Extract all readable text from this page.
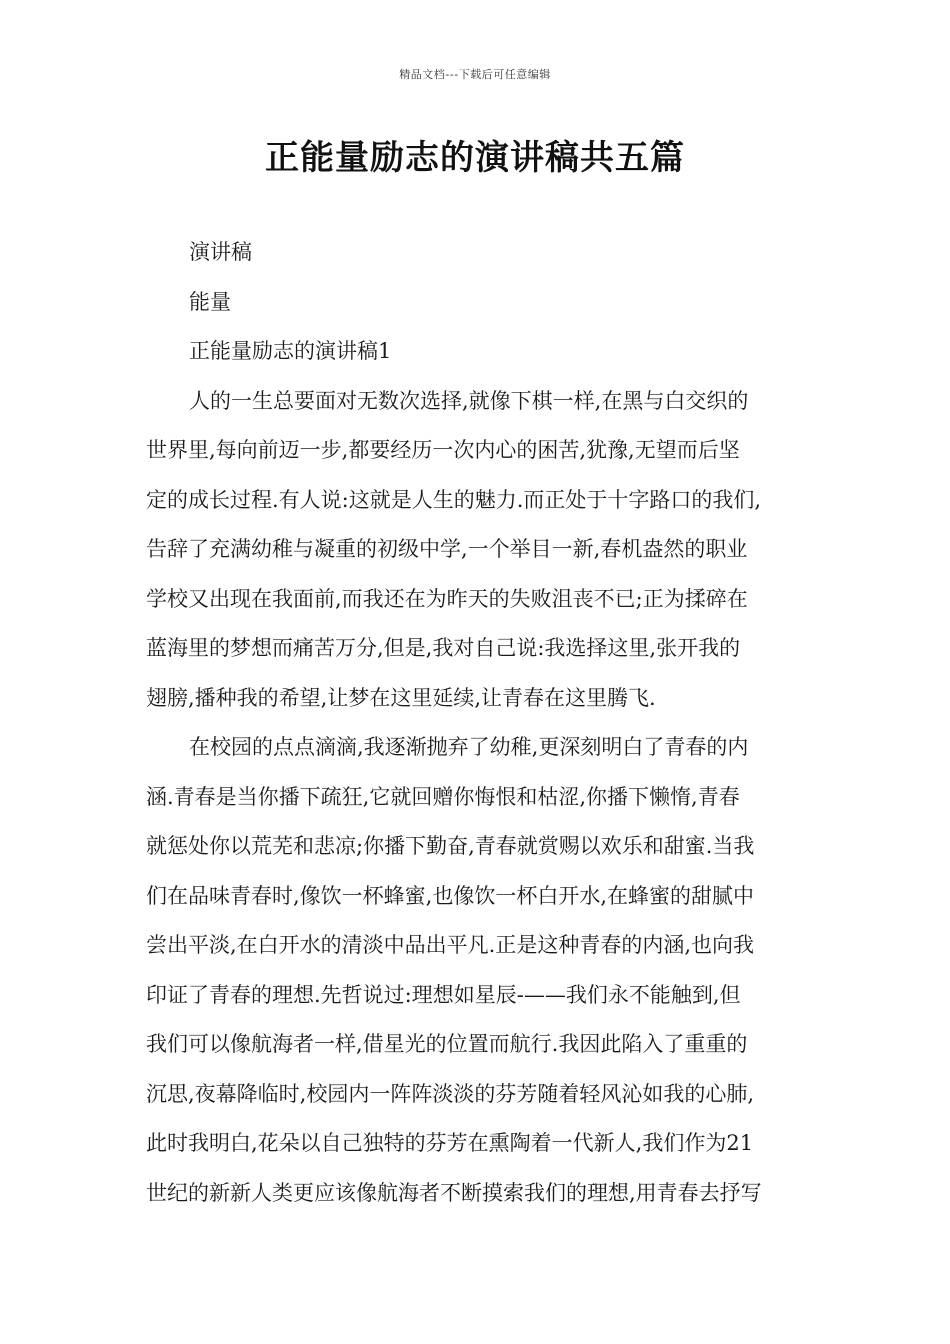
精品文档---下载后可任意编辑
正能量励志的演讲稿共五篇
演讲稿
能量
正能量励志的演讲稿1
人的一生总要面对无数次选择,就像下棋一样,在黑与白交织的
世界里,每向前迈一步,都要经历一次内心的困苦,犹豫,无望而后坚
定的成长过程.有人说:这就是人生的魅力.而正处于十字路口的我们,
告辞了充满幼稚与凝重的初级中学,一个举目一新,春机盎然的职业
学校又出现在我面前,而我还在为昨天的失败沮丧不已;正为揉碎在
蓝海里的梦想而痛苦万分,但是,我对自己说:我选择这里,张开我的
翅膀,播种我的希望,让梦在这里延续,让青春在这里腾飞.
在校园的点点滴滴,我逐渐抛弃了幼稚,更深刻明白了青春的内
涵.青春是当你播下疏狂,它就回赠你悔恨和枯涩,你播下懒惰,青春
就惩处你以荒芜和悲凉;你播下勤奋,青春就赏赐以欢乐和甜蜜.当我
们在品味青春时,像饮一杯蜂蜜,也像饮一杯白开水,在蜂蜜的甜腻中
尝出平淡,在白开水的清淡中品出平凡.正是这种青春的内涵,也向我
印证了青春的理想.先哲说过:理想如星辰-——我们永不能触到,但
我们可以像航海者一样,借星光的位置而航行.我因此陷入了重重的
沉思,夜幕降临时,校园内一阵阵淡淡的芬芳随着轻风沁如我的心肺,
此时我明白,花朵以自己独特的芬芳在熏陶着一代新人,我们作为21
世纪的新新人类更应该像航海者不断摸索我们的理想,用青春去抒写
